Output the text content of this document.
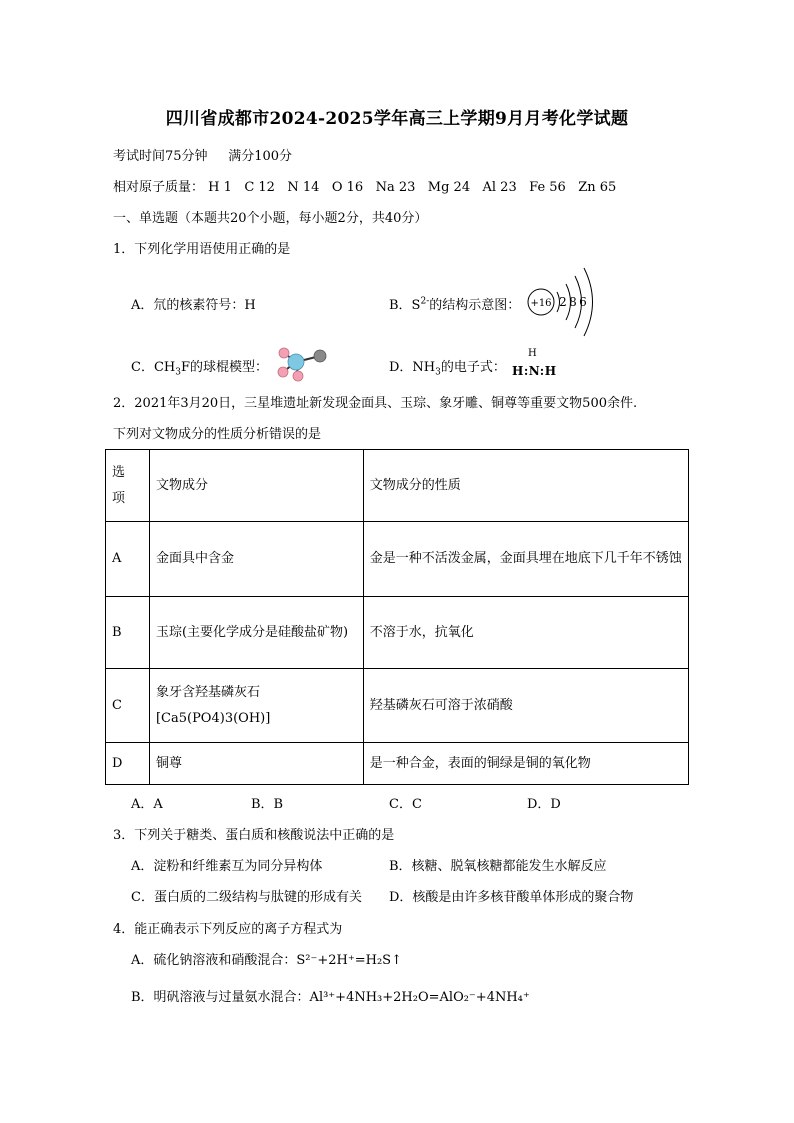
四川省成都市2024-2025学年高三上学期9月月考化学试题
考试时间75分钟 满分100分
相对原子质量： H 1 C 12 N 14 O 16 Na 23 Mg 24 Al 23 Fe 56 Zn 65
一、单选题（本题共20个小题，每小题2分，共40分）
1．下列化学用语使用正确的是
A．氘的核素符号：H	B．$S^{2-}$的结构示意图： +16 2 8 6
C．$CH_3F$的球棍模型：	D．$NH_3$的电子式：
H
H:N:H
2．2021年3月20日，三星堆遗址新发现金面具、玉琮、象牙雕、铜尊等重要文物500余件.
下列对文物成分的性质分析错误的是
选项	文物成分	文物成分的性质
A	金面具中含金	金是一种不活泼金属，金面具埋在地底下几千年不锈蚀

B	玉琮(主要化学成分是硅酸盐矿物)	不溶于水，抗氧化
C	象牙含羟基磷灰石
[Ca5(PO4)3(OH)]	羟基磷灰石可溶于浓硝酸
D	铜尊	是一种合金，表面的铜绿是铜的氧化物
A．A	B．B	C．C	D．D
3．下列关于糖类、蛋白质和核酸说法中正确的是
A．淀粉和纤维素互为同分异构体	B．核糖、脱氧核糖都能发生水解反应
C．蛋白质的二级结构与肽键的形成有关 D．核酸是由许多核苷酸单体形成的聚合物
4．能正确表示下列反应的离子方程式为
A．硫化钠溶液和硝酸混合：S²⁻+2H⁺=H₂S↑
B．明矾溶液与过量氨水混合：Al³⁺+4NH₃+2H₂O=AlO₂⁻+4NH₄⁺
